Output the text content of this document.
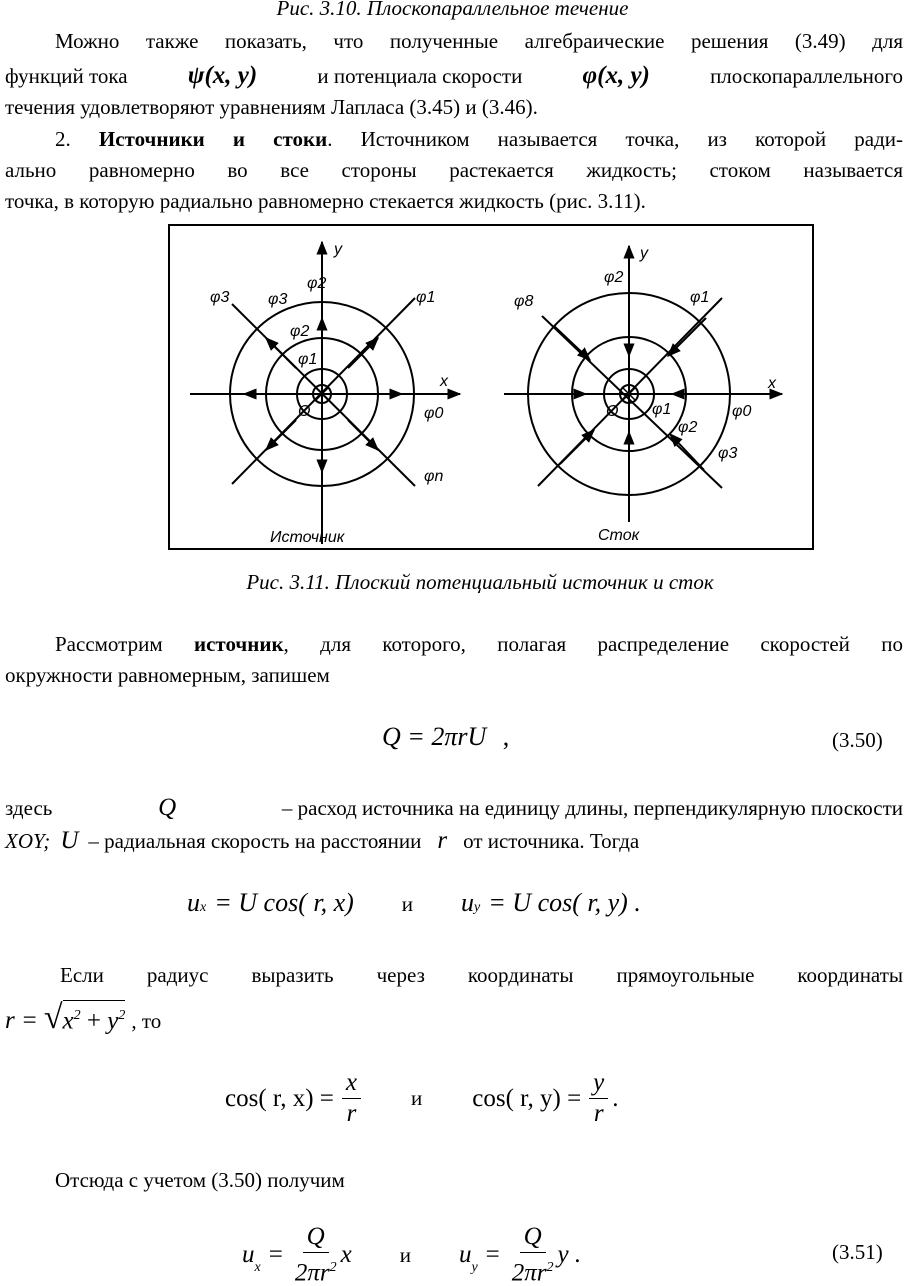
Рис. 3.10. Плоскопараллельное течение
Можно также показать, что полученные алгебраические решения (3.49) для
функций тока ψ(x, y)	и потенциала скорости φ(x, y)	плоскопараллельного
течения удовлетворяют уравнениям Лапласа (3.45) и (3.46).
2. Источники и стоки. Источником называется точка, из которой ради-
ально равномерно во все стороны растекается жидкость; стоком называется
точка, в которую радиально равномерно стекается жидкость (рис. 3.11).
y
x
O
φ3 φ3
φ2
φ2
φ1
φ1
φ0
φn
Источник
y
x
O
φ2
φ8	φ1
φ1
φ2
φ0
φ3
Сток
Рис. 3.11. Плоский потенциальный источник и сток
Рассмотрим источник, для которого, полагая распределение скоростей по
окружности равномерным, запишем
Q = 2πrU ,	(3.50)
здесь	Q	– расход источника на единицу длины, перпендикулярную плоскости
XOY; U – радиальная скорость на расстоянии r от источника. Тогда
u x = U cos( r, x) и u y = U cos( r, y) .
Если радиус выразить через координаты прямоугольные координаты
r = √ $x^2 + y^2$ , то
cos( r, $x) = \frac{x}{r}$ и cos( r, $y) = \frac{y}{r}$ .
Отсюда с учетом (3.50) получим
$u_x = \frac{Q}{2\pi r^2}$ x и $u_y = \frac{Q}{2\pi r^2}$ y .	(3.51)
